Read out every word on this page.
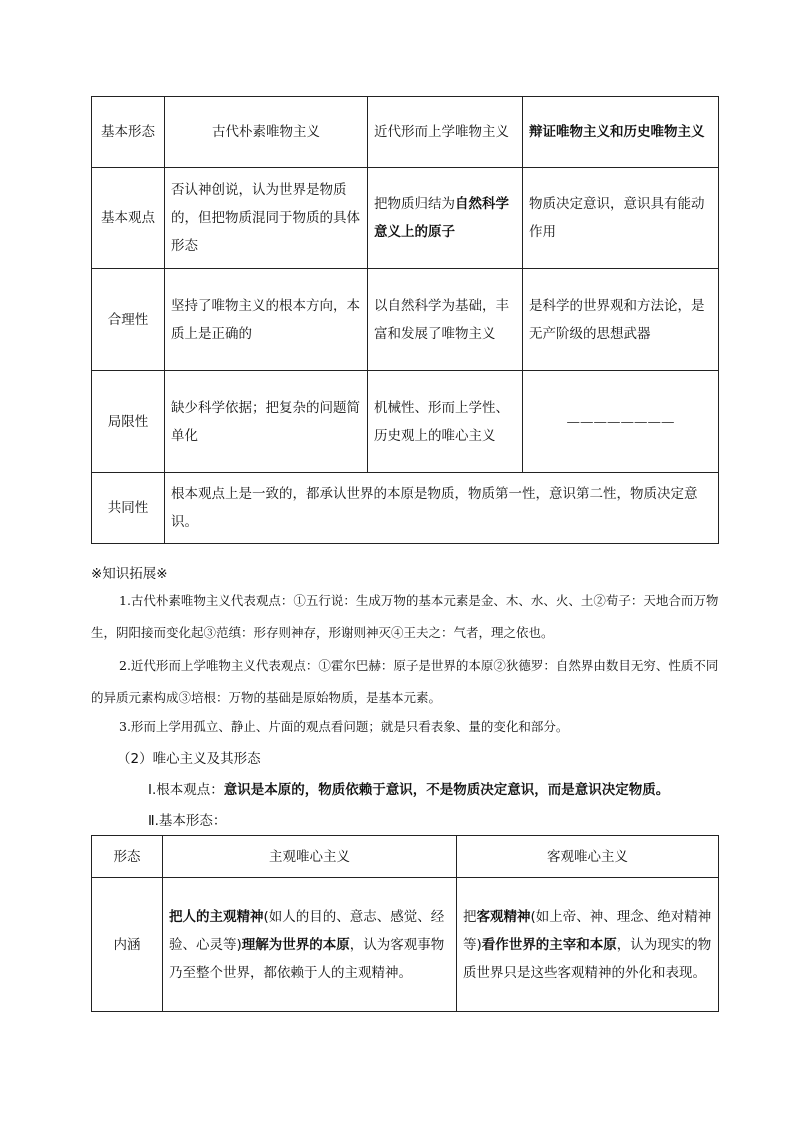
基本形态	古代朴素唯物主义	近代形而上学唯物主义	辩证唯物主义和历史唯物主义
基本观点	否认神创说，认为世界是物质的，但把物质混同于物质的具体形态	把物质归结为自然科学意义上的原子	物质决定意识，意识具有能动作用
合理性	坚持了唯物主义的根本方向，本质上是正确的	以自然科学为基础，丰富和发展了唯物主义	是科学的世界观和方法论，是无产阶级的思想武器
局限性	缺少科学依据；把复杂的问题简单化	机械性、形而上学性、历史观上的唯心主义	————————

共同性	根本观点上是一致的，都承认世界的本原是物质，物质第一性，意识第二性，物质决定意识。		
※知识拓展※
1.古代朴素唯物主义代表观点：①五行说：生成万物的基本元素是金、木、水、火、土②荀子：天地合而万物生，阴阳接而变化起③范缜：形存则神存，形谢则神灭④王夫之：气者，理之依也。
2.近代形而上学唯物主义代表观点：①霍尔巴赫：原子是世界的本原②狄德罗：自然界由数目无穷、性质不同的异质元素构成③培根：万物的基础是原始物质，是基本元素。
3.形而上学用孤立、静止、片面的观点看问题；就是只看表象、量的变化和部分。
（2）唯心主义及其形态
Ⅰ.根本观点：意识是本原的，物质依赖于意识，不是物质决定意识，而是意识决定物质。
Ⅱ.基本形态：
形态	主观唯心主义	客观唯心主义
内涵	把人的主观精神(如人的目的、意志、感觉、经验、心灵等)理解为世界的本原，认为客观事物乃至整个世界，都依赖于人的主观精神。	把客观精神(如上帝、神、理念、绝对精神等)看作世界的主宰和本原，认为现实的物质世界只是这些客观精神的外化和表现。
